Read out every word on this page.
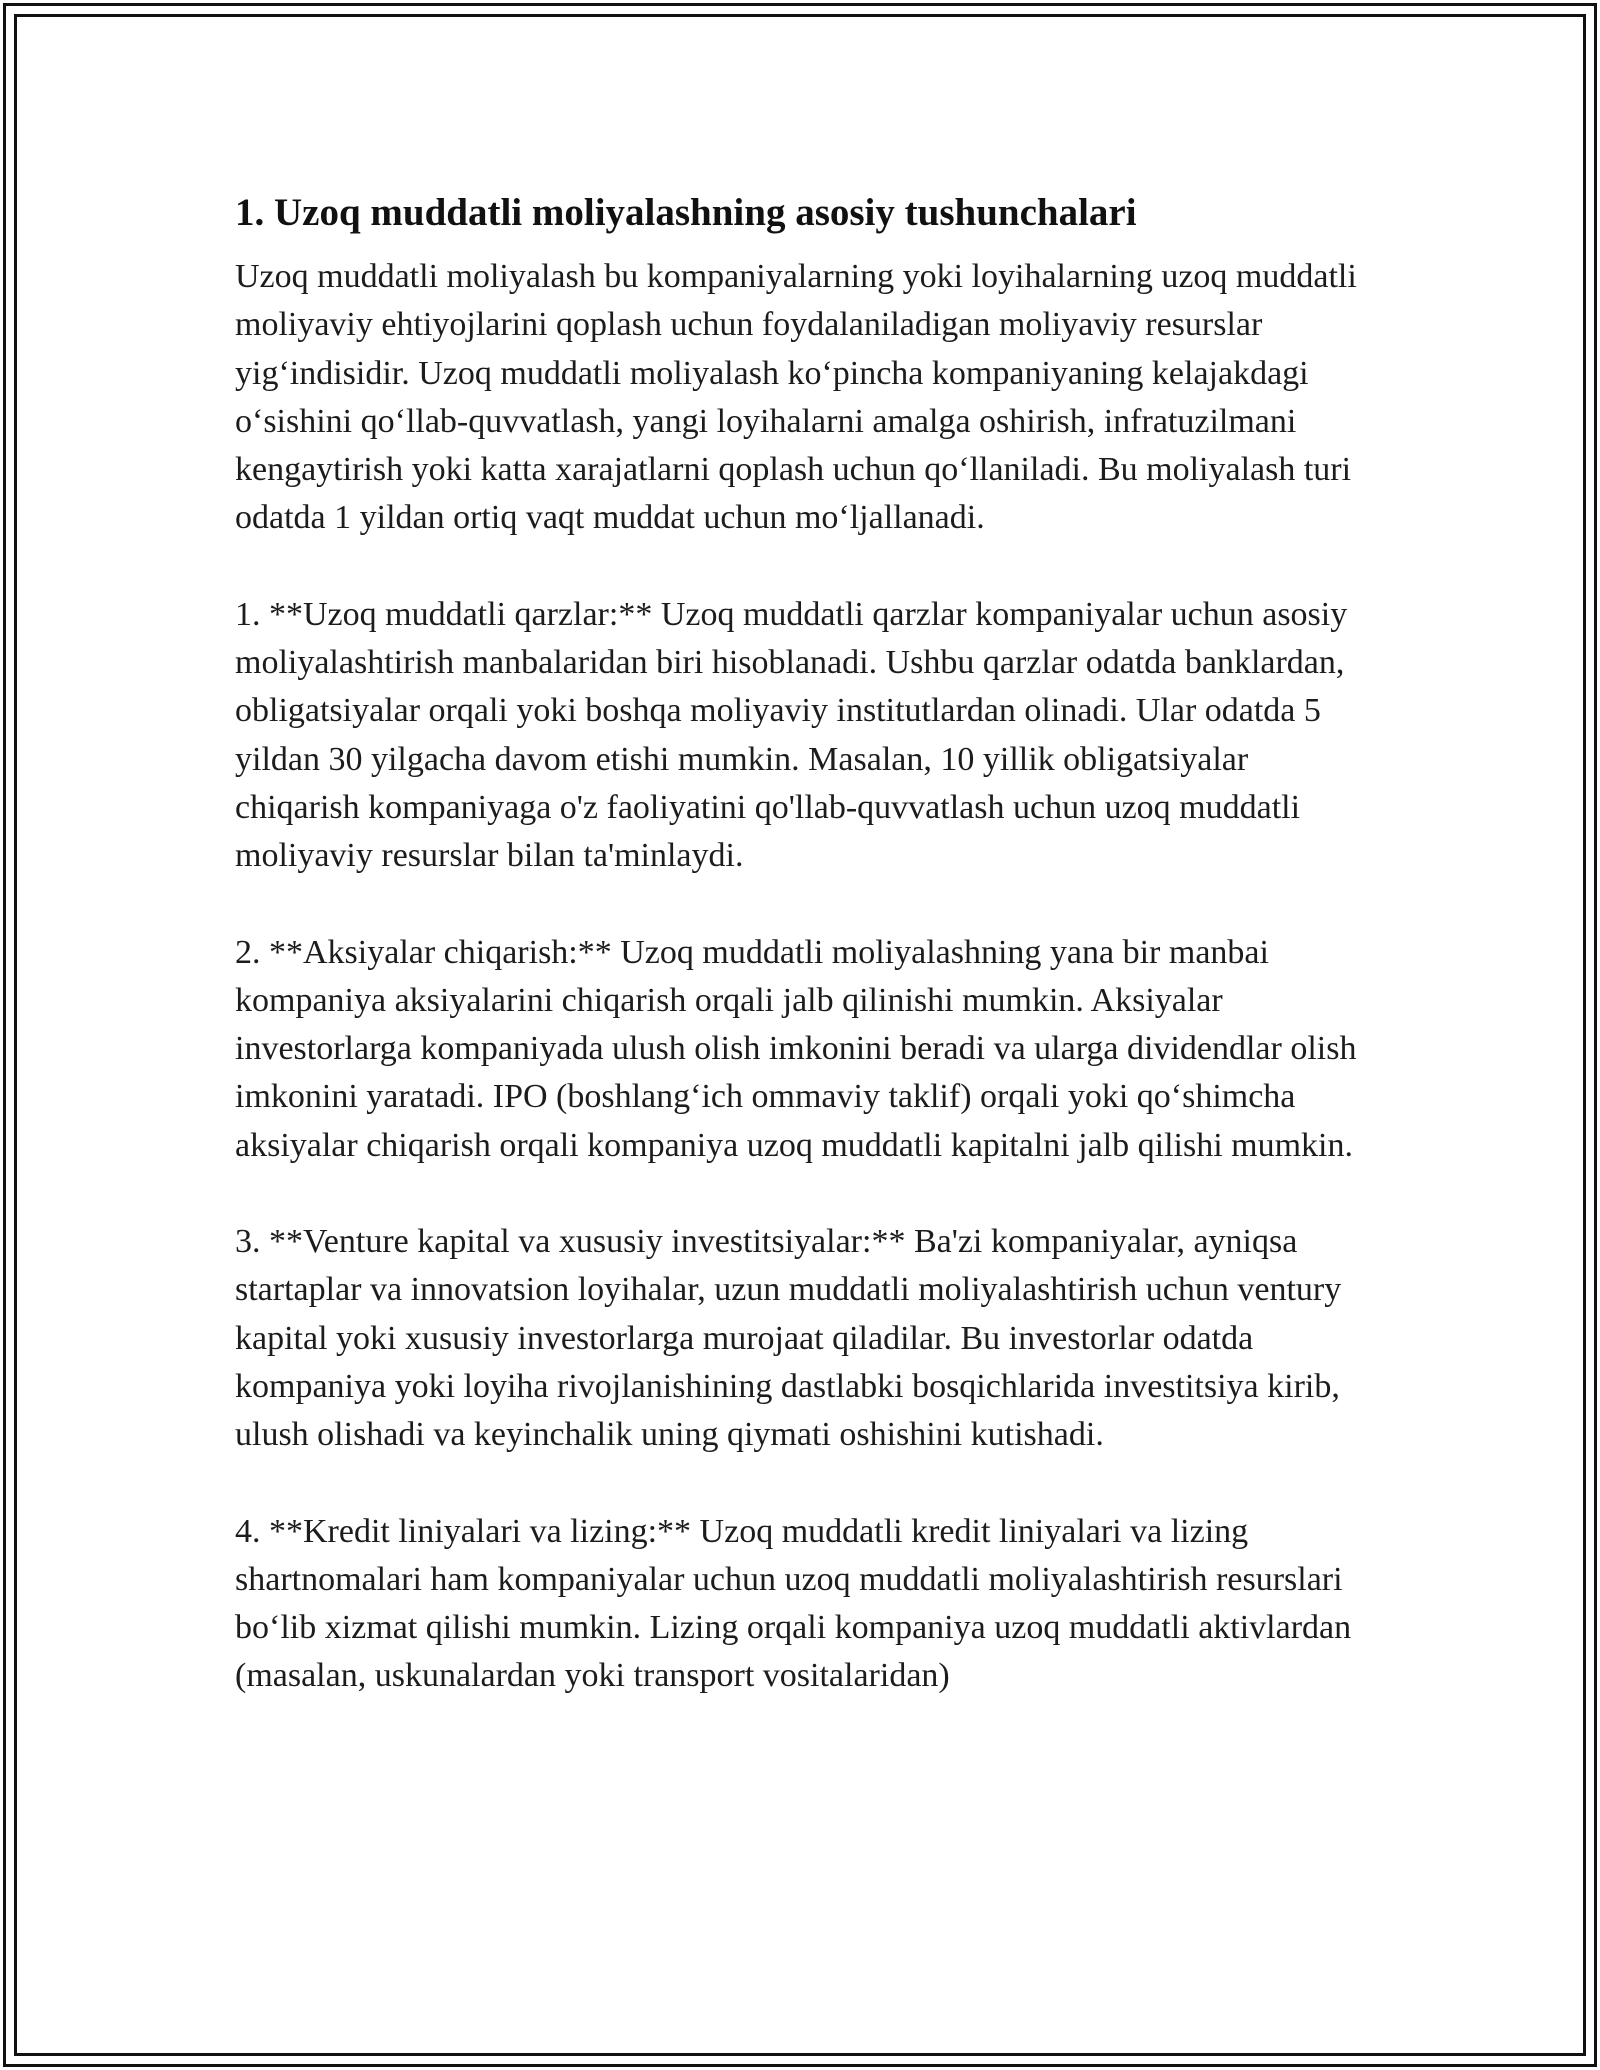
1. Uzoq muddatli moliyalashning asosiy tushunchalari

Uzoq muddatli moliyalash bu kompaniyalarning yoki loyihalarning uzoq muddatli moliyaviy ehtiyojlarini qoplash uchun foydalaniladigan moliyaviy resurslar yig‘indisidir. Uzoq muddatli moliyalash ko‘pincha kompaniyaning kelajakdagi o‘sishini qo‘llab-quvvatlash, yangi loyihalarni amalga oshirish, infratuzilmani kengaytirish yoki katta xarajatlarni qoplash uchun qo‘llaniladi. Bu moliyalash turi odatda 1 yildan ortiq vaqt muddat uchun mo‘ljallanadi.

1. **Uzoq muddatli qarzlar:** Uzoq muddatli qarzlar kompaniyalar uchun asosiy moliyalashtirish manbalaridan biri hisoblanadi. Ushbu qarzlar odatda banklardan, obligatsiyalar orqali yoki boshqa moliyaviy institutlardan olinadi. Ular odatda 5 yildan 30 yilgacha davom etishi mumkin. Masalan, 10 yillik obligatsiyalar chiqarish kompaniyaga o'z faoliyatini qo'llab-quvvatlash uchun uzoq muddatli moliyaviy resurslar bilan ta'minlaydi.

2. **Aksiyalar chiqarish:** Uzoq muddatli moliyalashning yana bir manbai kompaniya aksiyalarini chiqarish orqali jalb qilinishi mumkin. Aksiyalar investorlarga kompaniyada ulush olish imkonini beradi va ularga dividendlar olish imkonini yaratadi. IPO (boshlang‘ich ommaviy taklif) orqali yoki qo‘shimcha aksiyalar chiqarish orqali kompaniya uzoq muddatli kapitalni jalb qilishi mumkin.

3. **Venture kapital va xususiy investitsiyalar:** Ba'zi kompaniyalar, ayniqsa startaplar va innovatsion loyihalar, uzun muddatli moliyalashtirish uchun ventury kapital yoki xususiy investorlarga murojaat qiladilar. Bu investorlar odatda kompaniya yoki loyiha rivojlanishining dastlabki bosqichlarida investitsiya kirib, ulush olishadi va keyinchalik uning qiymati oshishini kutishadi.

4. **Kredit liniyalari va lizing:** Uzoq muddatli kredit liniyalari va lizing shartnomalari ham kompaniyalar uchun uzoq muddatli moliyalashtirish resurslari bo‘lib xizmat qilishi mumkin. Lizing orqali kompaniya uzoq muddatli aktivlardan (masalan, uskunalardan yoki transport vositalaridan)
